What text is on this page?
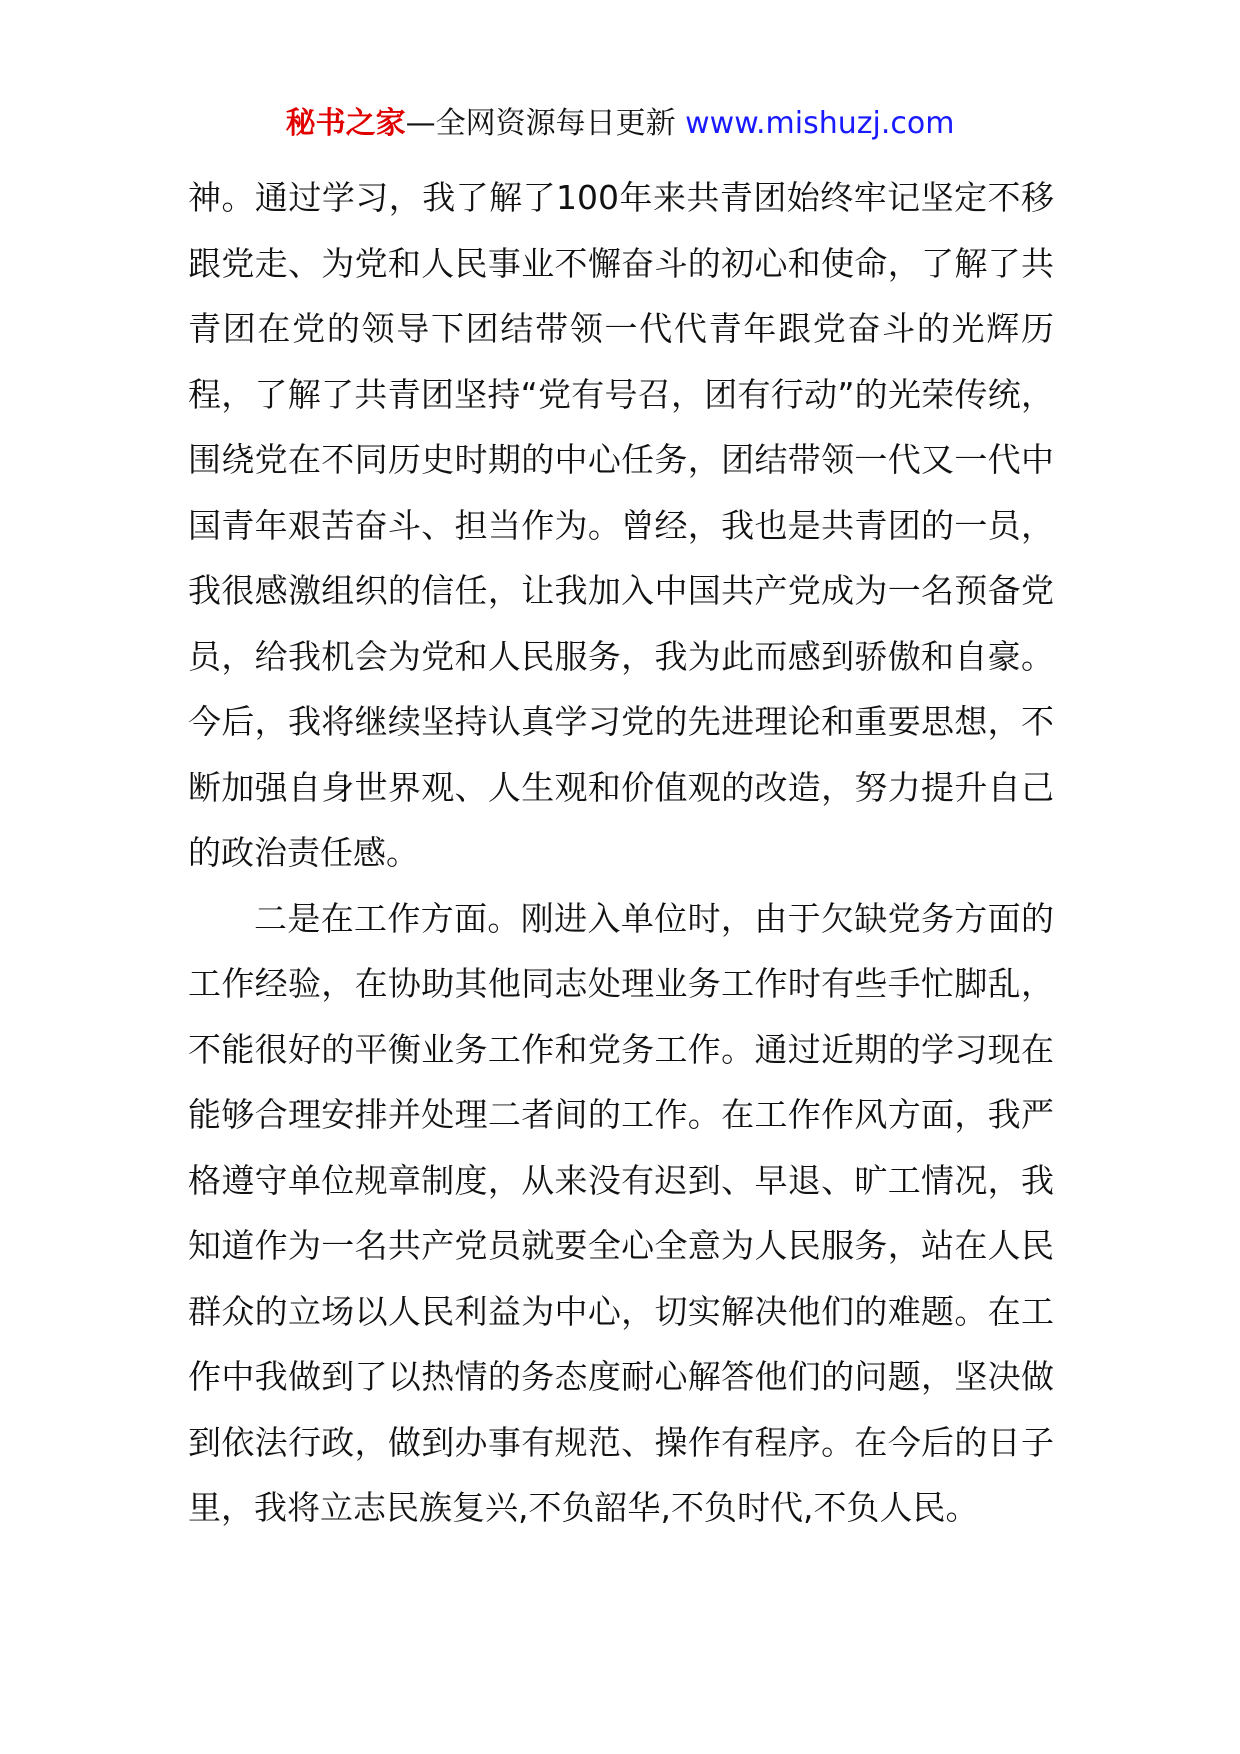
秘书之家—全网资源每日更新 www.mishuzj.com

神。通过学习，我了解了100年来共青团始终牢记坚定不移跟党走、为党和人民事业不懈奋斗的初心和使命，了解了共青团在党的领导下团结带领一代代青年跟党奋斗的光辉历程，了解了共青团坚持“党有号召，团有行动”的光荣传统，围绕党在不同历史时期的中心任务，团结带领一代又一代中国青年艰苦奋斗、担当作为。曾经，我也是共青团的一员，我很感激组织的信任，让我加入中国共产党成为一名预备党员，给我机会为党和人民服务，我为此而感到骄傲和自豪。今后，我将继续坚持认真学习党的先进理论和重要思想，不断加强自身世界观、人生观和价值观的改造，努力提升自己的政治责任感。

二是在工作方面。刚进入单位时，由于欠缺党务方面的工作经验，在协助其他同志处理业务工作时有些手忙脚乱，不能很好的平衡业务工作和党务工作。通过近期的学习现在能够合理安排并处理二者间的工作。在工作作风方面，我严格遵守单位规章制度，从来没有迟到、早退、旷工情况，我知道作为一名共产党员就要全心全意为人民服务，站在人民群众的立场以人民利益为中心，切实解决他们的难题。在工作中我做到了以热情的务态度耐心解答他们的问题，坚决做到依法行政，做到办事有规范、操作有程序。在今后的日子里，我将立志民族复兴,不负韶华,不负时代,不负人民。
